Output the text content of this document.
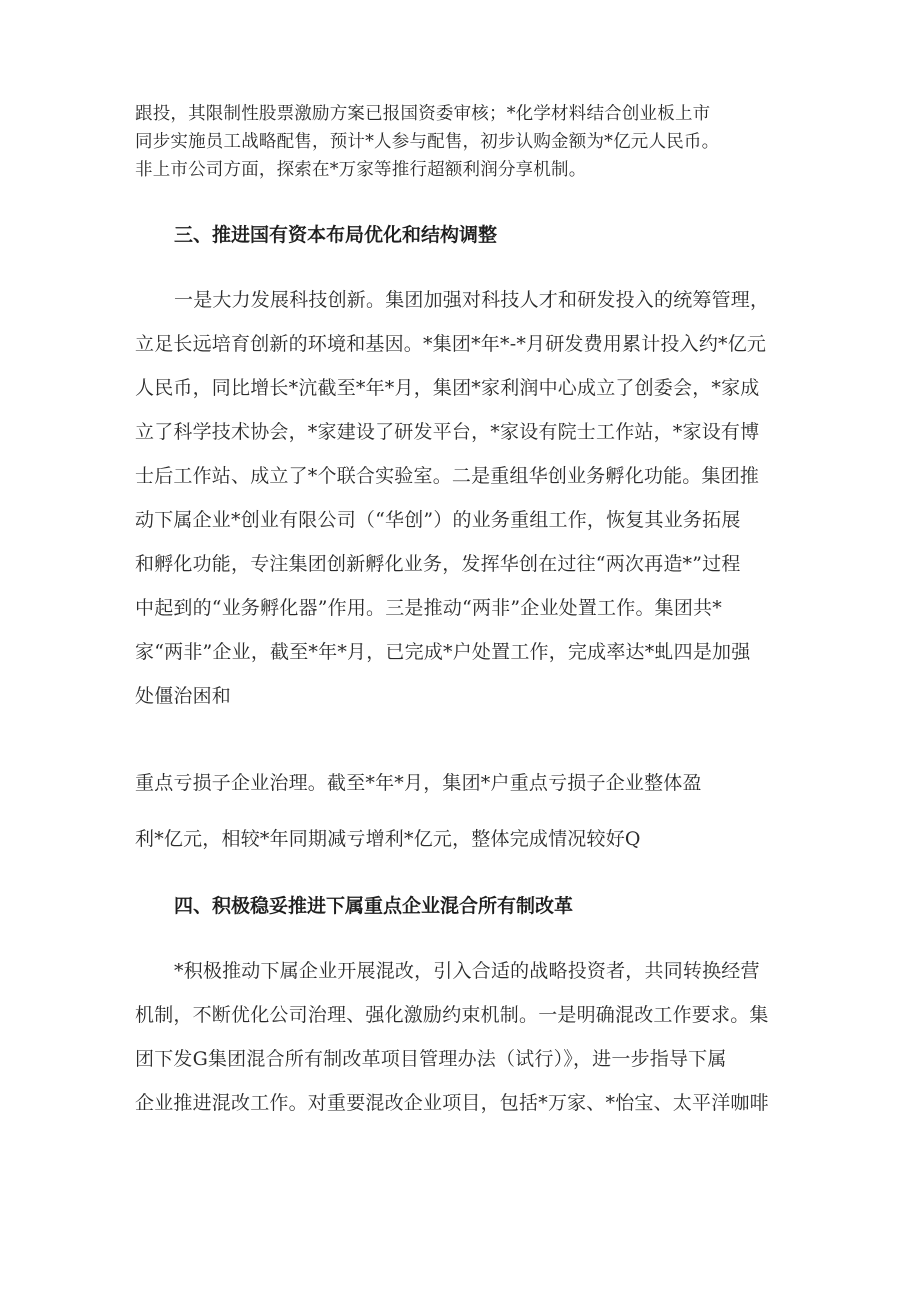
跟投，其限制性股票激励方案已报国资委审核；*化学材料结合创业板上市
同步实施员工战略配售，预计*人参与配售，初步认购金额为*亿元人民币。
非上市公司方面，探索在*万家等推行超额利润分享机制。
三、推进国有资本布局优化和结构调整
一是大力发展科技创新。集团加强对科技人才和研发投入的统筹管理，
立足长远培育创新的环境和基因。*集团*年*-*月研发费用累计投入约*亿元
人民币，同比增长*沆截至*年*月，集团*家利润中心成立了创委会，*家成
立了科学技术协会，*家建设了研发平台，*家设有院士工作站，*家设有博
士后工作站、成立了*个联合实验室。二是重组华创业务孵化功能。集团推
动下属企业*创业有限公司（“华创”）的业务重组工作，恢复其业务拓展
和孵化功能，专注集团创新孵化业务，发挥华创在过往“两次再造*”过程
中起到的“业务孵化器”作用。三是推动“两非”企业处置工作。集团共*
家“两非”企业，截至*年*月，已完成*户处置工作，完成率达*虬四是加强
处僵治困和
重点亏损子企业治理。截至*年*月，集团*户重点亏损子企业整体盈
利*亿元，相较*年同期减亏增利*亿元，整体完成情况较好Q
四、积极稳妥推进下属重点企业混合所有制改革
*积极推动下属企业开展混改，引入合适的战略投资者，共同转换经营
机制，不断优化公司治理、强化激励约束机制。一是明确混改工作要求。集
团下发G集团混合所有制改革项目管理办法（试行）》，进一步指导下属
企业推进混改工作。对重要混改企业项目，包括*万家、*怡宝、太平洋咖啡
